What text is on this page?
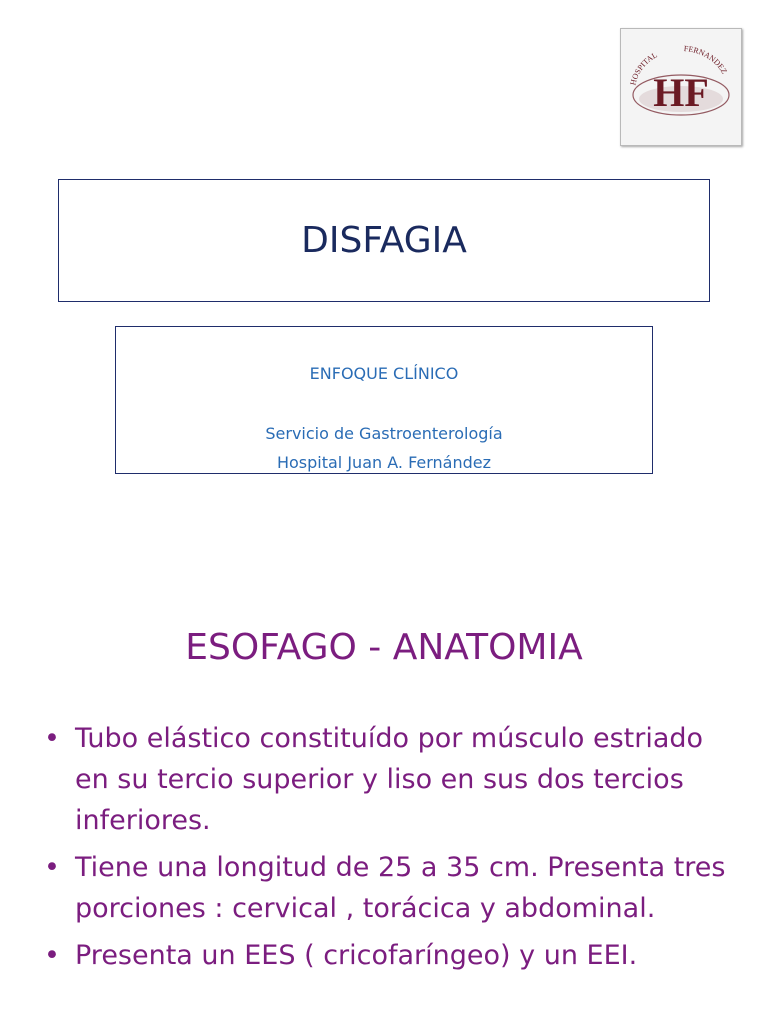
HOSPITAL
FERNANDEZ
HF
DISFAGIA
ENFOQUE CLÍNICO
Servicio de Gastroenterología
Hospital Juan A. Fernández
ESOFAGO - ANATOMIA
• Tubo elástico constituído por músculo estriado en su tercio superior y liso en sus dos tercios inferiores.
• Tiene una longitud de 25 a 35 cm. Presenta tres porciones : cervical , torácica y abdominal.
• Presenta un EES ( cricofaríngeo) y un EEI.
